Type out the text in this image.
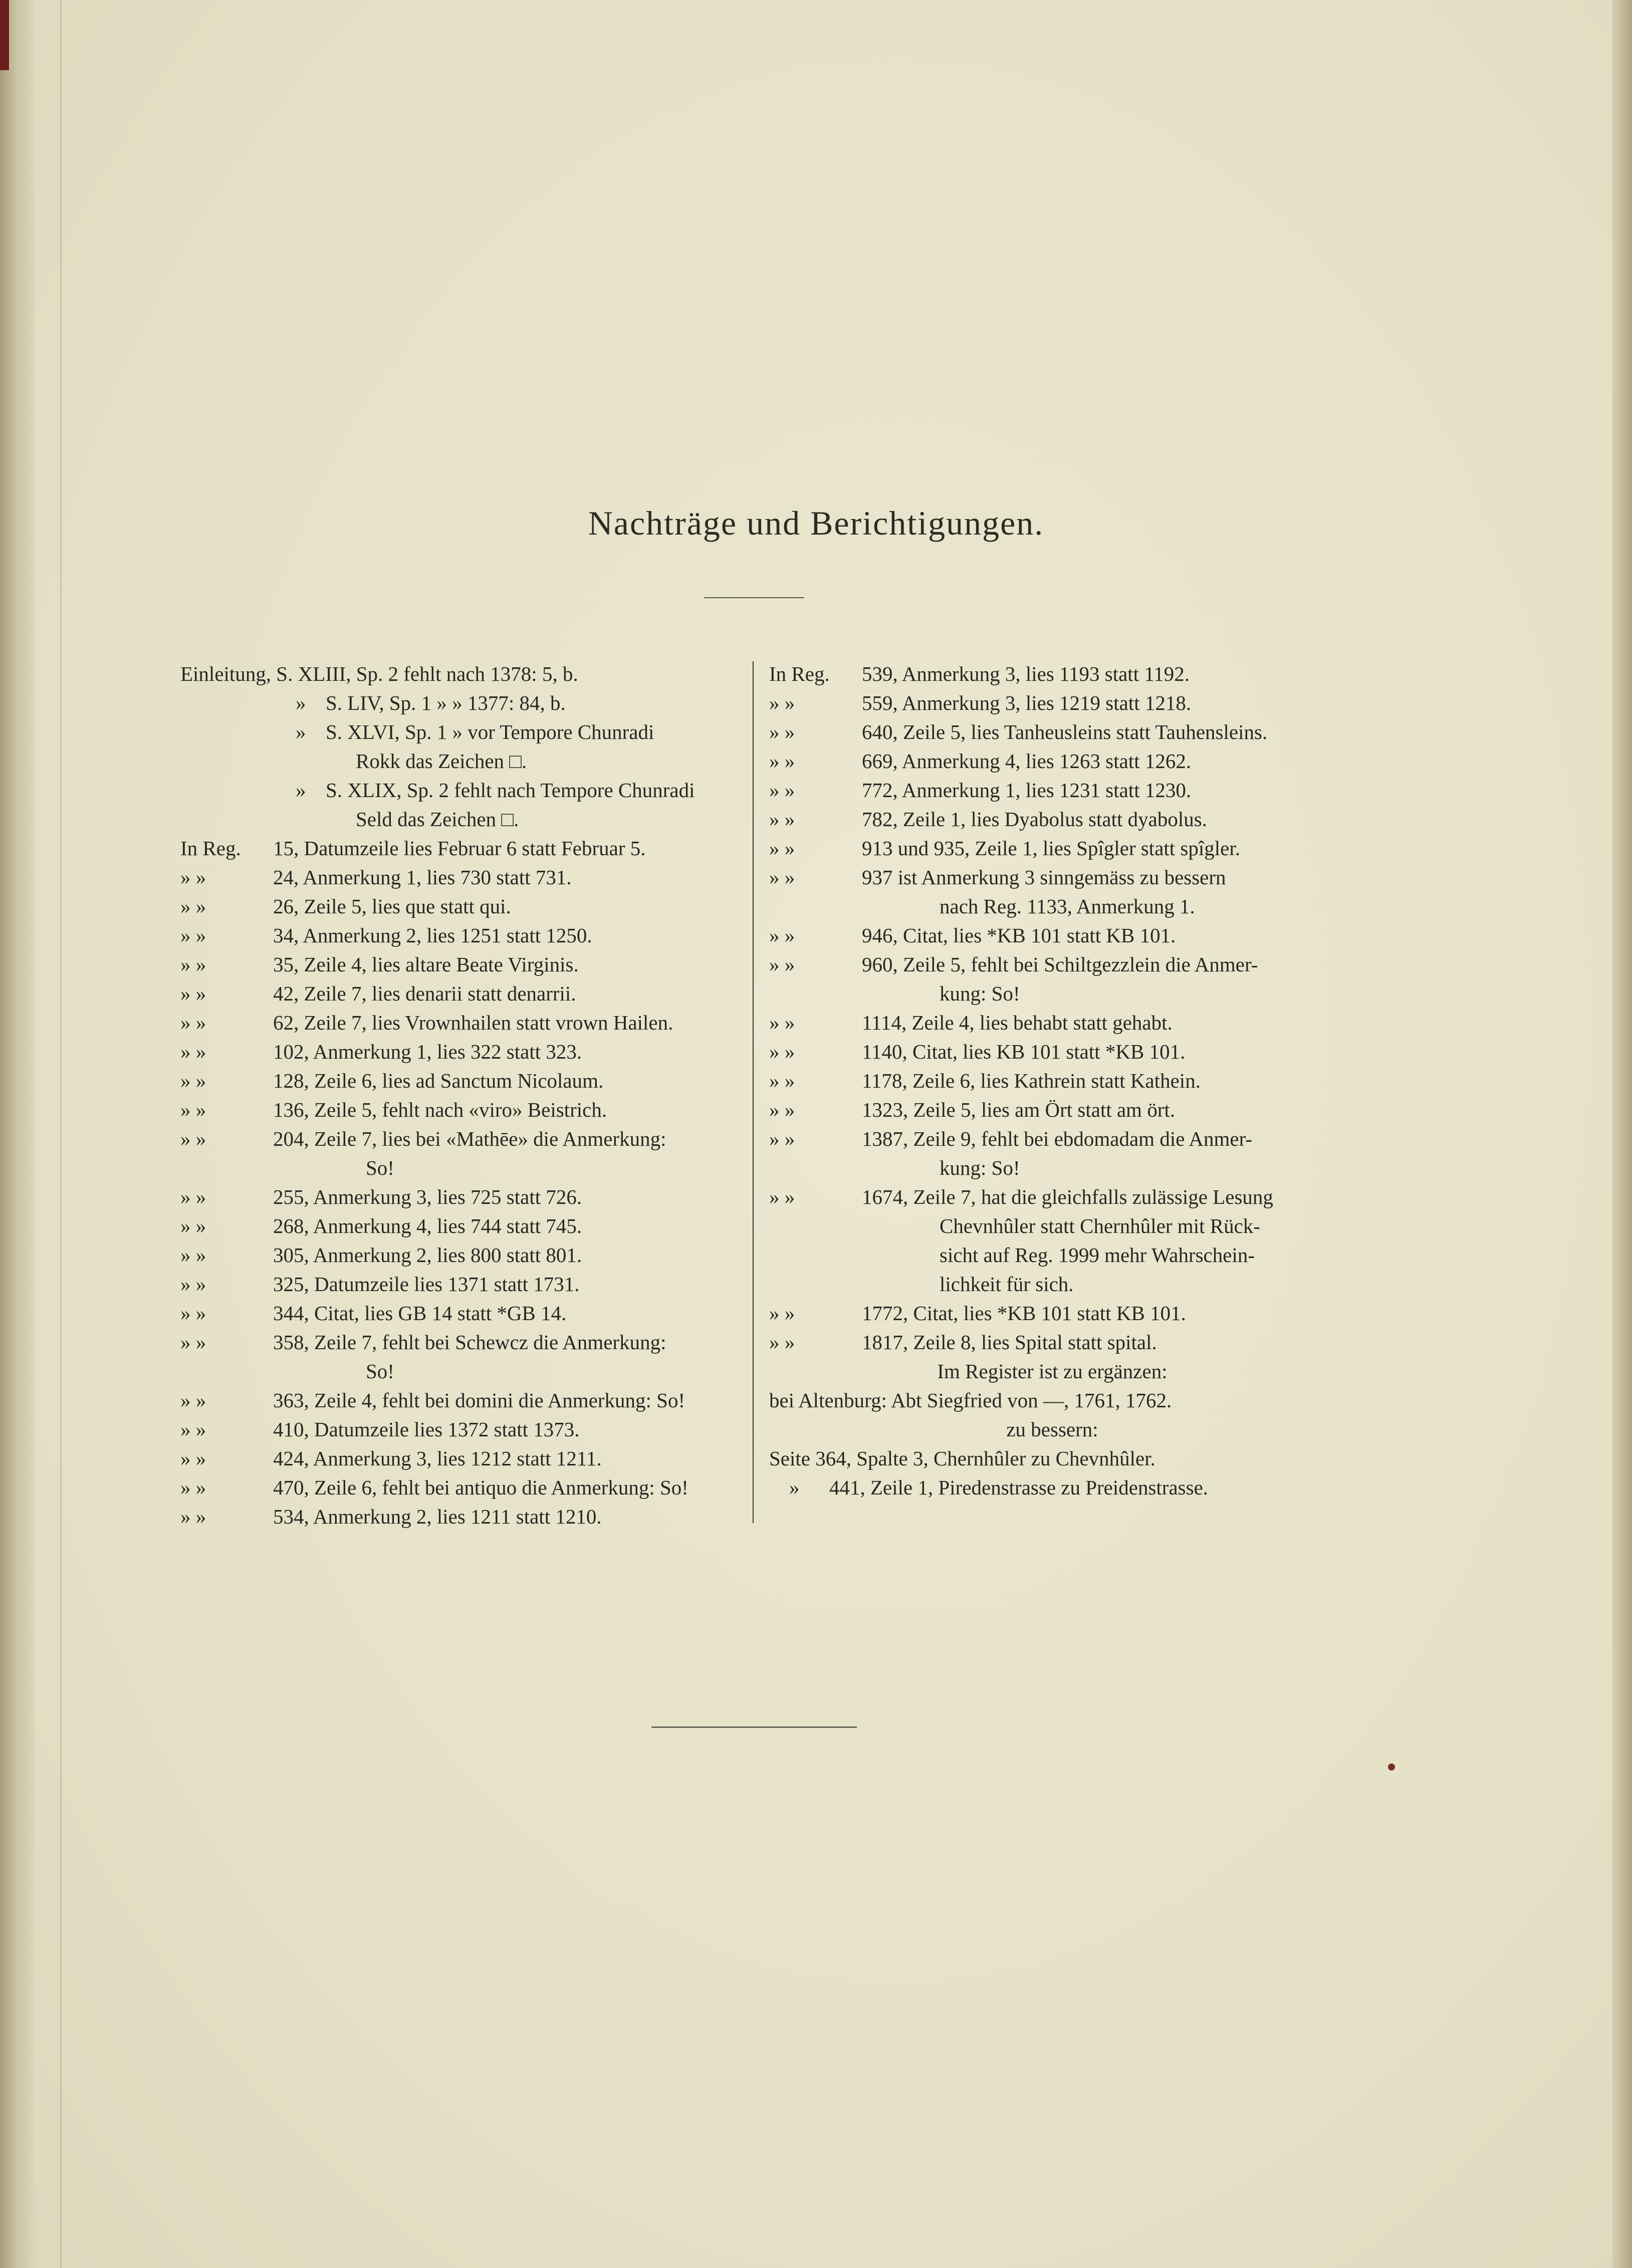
Nachträge und Berichtigungen.
Einleitung, S. XLIII, Sp. 2 fehlt nach 1378: 5, b.
» S. LIV, Sp. 1 » » 1377: 84, b.
» S. XLVI, Sp. 1 » vor Tempore Chunradi
Rokk das Zeichen □.
» S. XLIX, Sp. 2 fehlt nach Tempore Chunradi
Seld das Zeichen □.
In Reg. 15, Datumzeile lies Februar 6 statt Februar 5.
» »	24, Anmerkung 1, lies 730 statt 731.
» »	26, Zeile 5, lies que statt qui.
» »	34, Anmerkung 2, lies 1251 statt 1250.
» »	35, Zeile 4, lies altare Beate Virginis.
» »	42, Zeile 7, lies denarii statt denarrii.
» »	62, Zeile 7, lies Vrownhailen statt vrown Hailen.
» »	102, Anmerkung 1, lies 322 statt 323.
» »	128, Zeile 6, lies ad Sanctum Nicolaum.
» »	136, Zeile 5, fehlt nach «viro» Beistrich.
» »	204, Zeile 7, lies bei «Mathēe» die Anmerkung:
So!
» »	255, Anmerkung 3, lies 725 statt 726.
» »	268, Anmerkung 4, lies 744 statt 745.
» »	305, Anmerkung 2, lies 800 statt 801.
» »	325, Datumzeile lies 1371 statt 1731.
» »	344, Citat, lies GB 14 statt *GB 14.
» »	358, Zeile 7, fehlt bei Schewcz die Anmerkung:
So!
» »	363, Zeile 4, fehlt bei domini die Anmerkung: So!
» »	410, Datumzeile lies 1372 statt 1373.
» »	424, Anmerkung 3, lies 1212 statt 1211.
» »	470, Zeile 6, fehlt bei antiquo die Anmerkung: So!
» »	534, Anmerkung 2, lies 1211 statt 1210.
In Reg. 539, Anmerkung 3, lies 1193 statt 1192.
» »	559, Anmerkung 3, lies 1219 statt 1218.
» »	640, Zeile 5, lies Tanheusleins statt Tauhensleins.
» »	669, Anmerkung 4, lies 1263 statt 1262.
» »	772, Anmerkung 1, lies 1231 statt 1230.
» »	782, Zeile 1, lies Dyabolus statt dyabolus.
» »	913 und 935, Zeile 1, lies Spîgler statt spîgler.
» »	937 ist Anmerkung 3 sinngemäss zu bessern
nach Reg. 1133, Anmerkung 1.
» »	946, Citat, lies *KB 101 statt KB 101.
» »	960, Zeile 5, fehlt bei Schiltgezzlein die Anmer-
kung: So!
» »	1114, Zeile 4, lies behabt statt gehabt.
» »	1140, Citat, lies KB 101 statt *KB 101.
» »	1178, Zeile 6, lies Kathrein statt Kathein.
» »	1323, Zeile 5, lies am Ört statt am ört.
» »	1387, Zeile 9, fehlt bei ebdomadam die Anmer-
kung: So!
» »	1674, Zeile 7, hat die gleichfalls zulässige Lesung
Chevnhûler statt Chernhûler mit Rück-
sicht auf Reg. 1999 mehr Wahrschein-
lichkeit für sich.
» »	1772, Citat, lies *KB 101 statt KB 101.
» »	1817, Zeile 8, lies Spital statt spital.
Im Register ist zu ergänzen:
bei Altenburg: Abt Siegfried von —, 1761, 1762.
zu bessern:
Seite 364, Spalte 3, Chernhûler zu Chevnhûler.
» 441, Zeile 1, Piredenstrasse zu Preidenstrasse.
